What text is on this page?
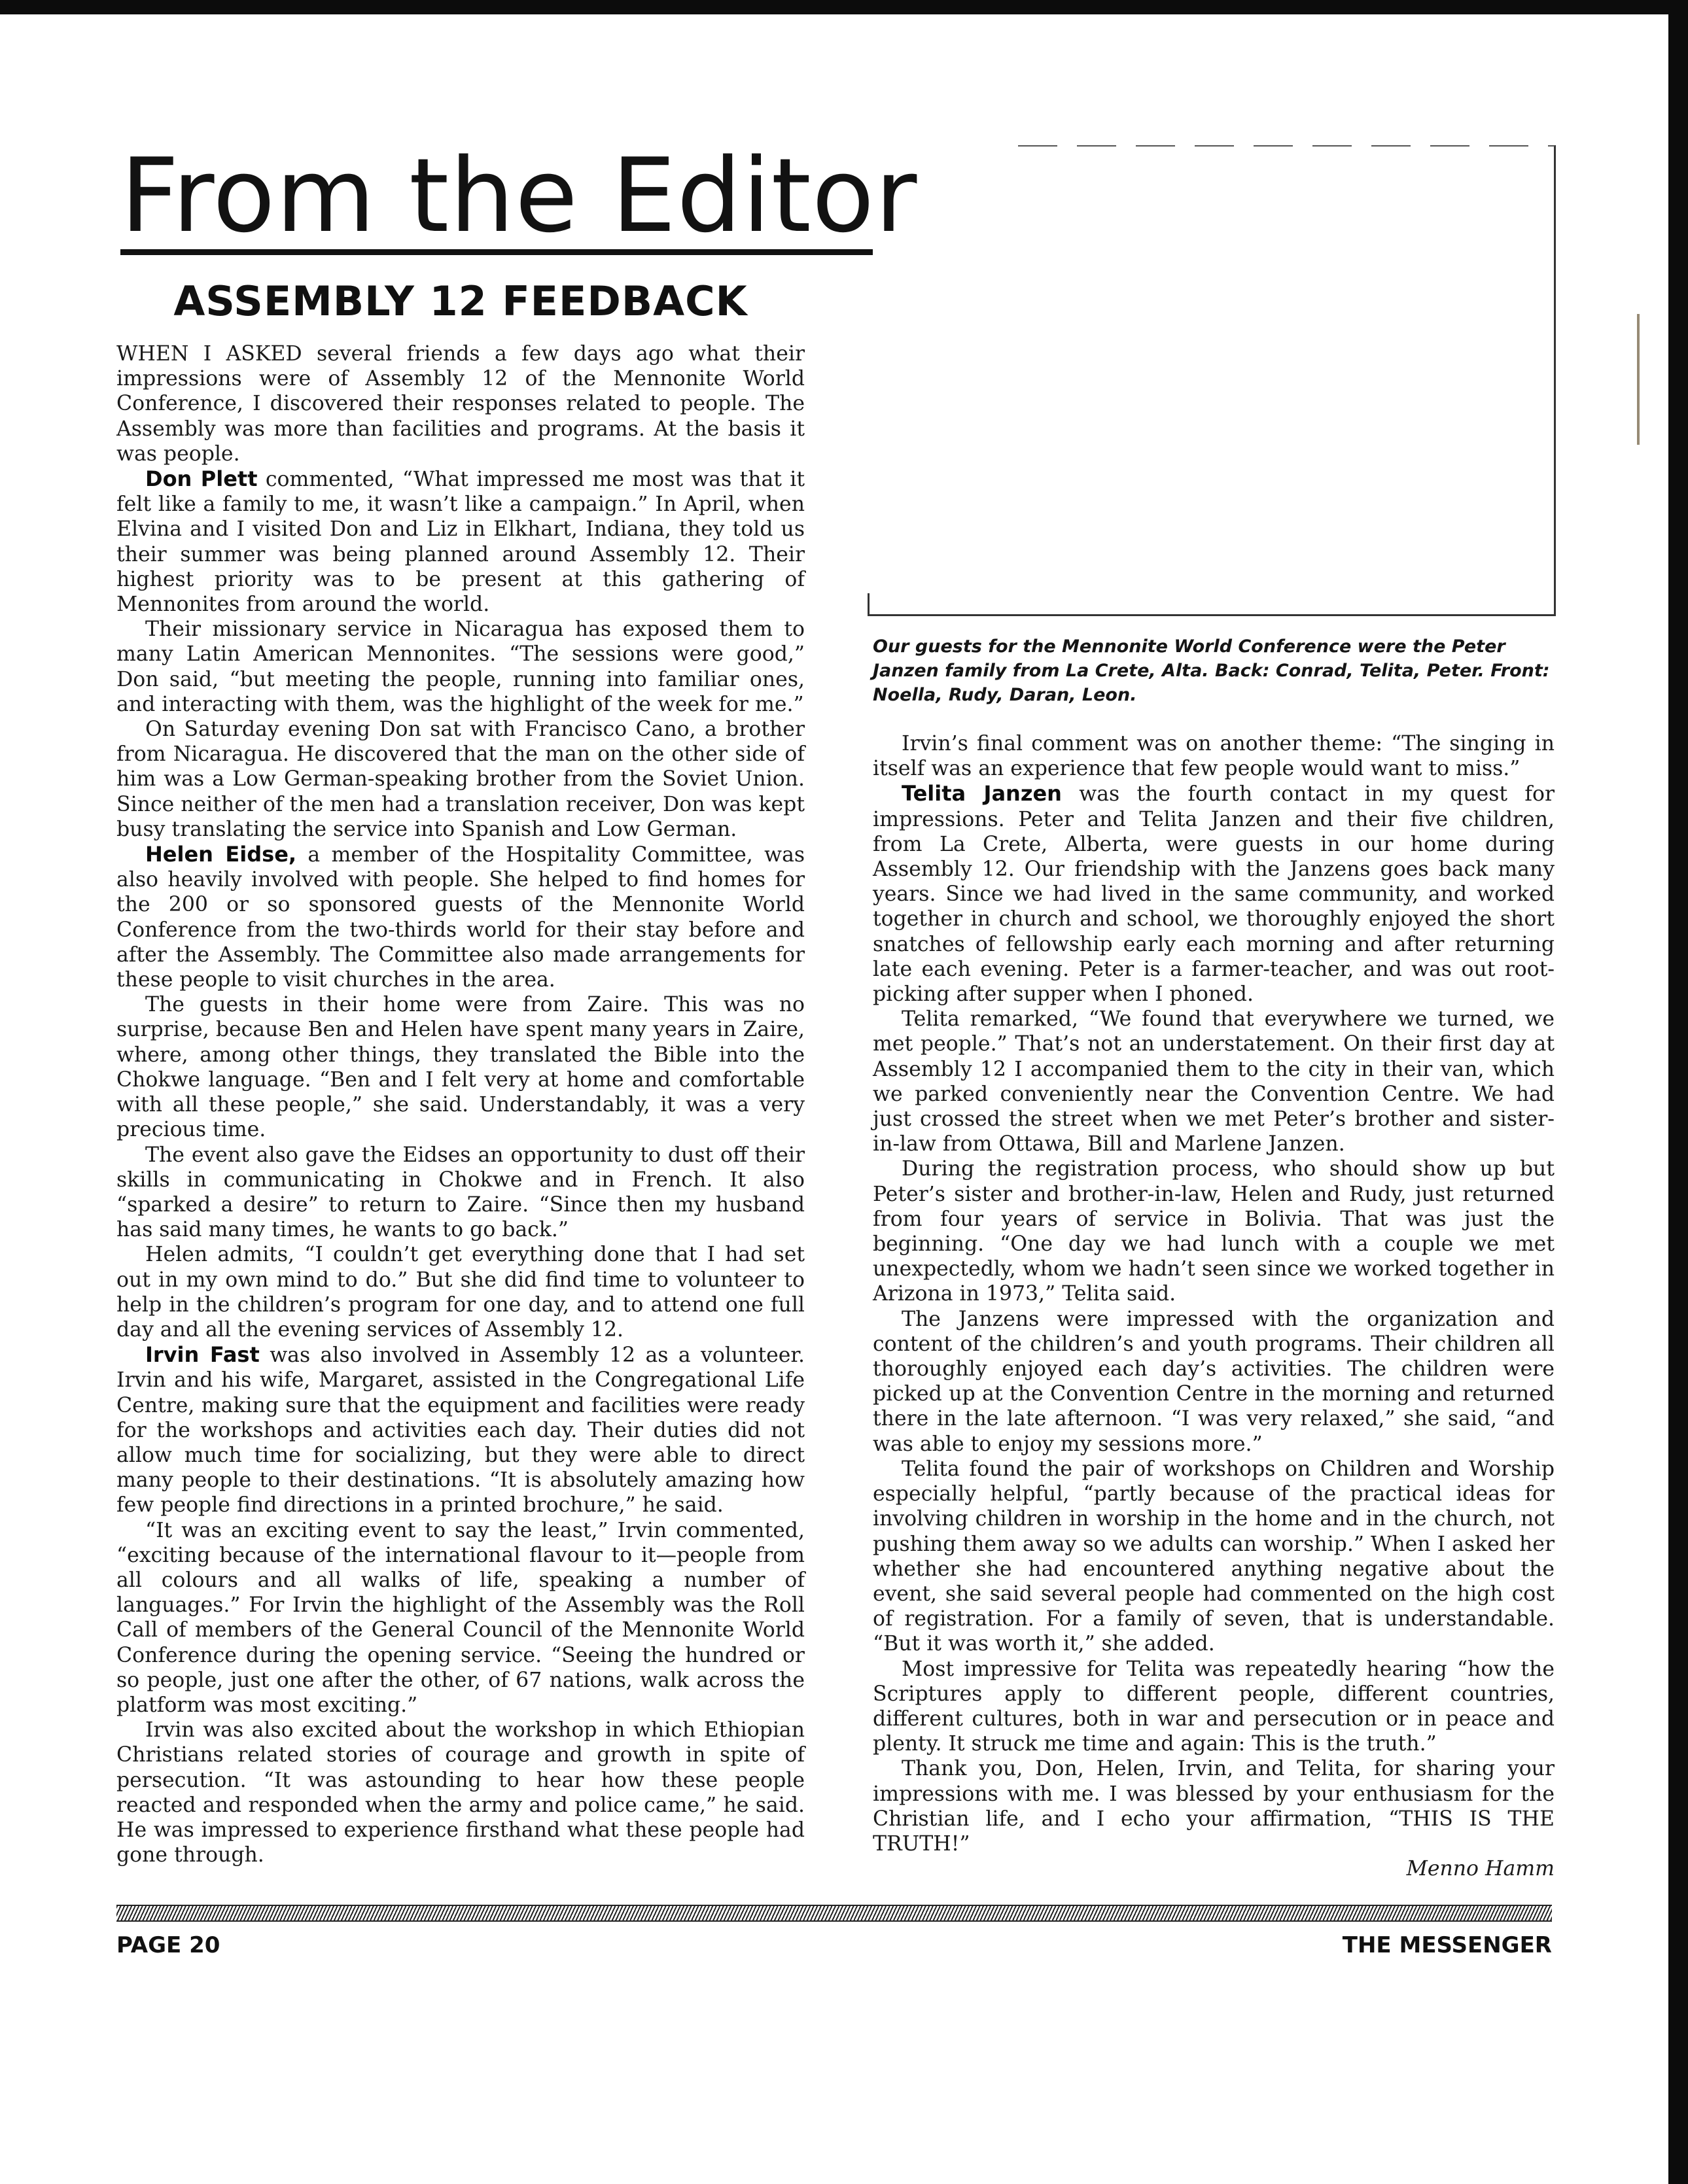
From the Editor
Our guests for the Mennonite World Conference were the Peter Janzen family from La Crete, Alta. Back: Conrad, Telita, Peter. Front: Noella, Rudy, Daran, Leon.
ASSEMBLY 12 FEEDBACK

WHEN I ASKED several friends a few days ago what their impressions were of Assembly 12 of the Mennonite World Conference, I discovered their responses related to people. The Assembly was more than facilities and programs. At the basis it was people.

Don Plett commented, “What impressed me most was that it felt like a family to me, it wasn’t like a campaign.” In April, when Elvina and I visited Don and Liz in Elkhart, Indiana, they told us their summer was being planned around Assembly 12. Their highest priority was to be present at this gathering of Mennonites from around the world.

Their missionary service in Nicaragua has exposed them to many Latin American Mennonites. “The sessions were good,” Don said, “but meeting the people, running into familiar ones, and interacting with them, was the highlight of the week for me.”

On Saturday evening Don sat with Francisco Cano, a brother from Nicaragua. He discovered that the man on the other side of him was a Low German-speaking brother from the Soviet Union. Since neither of the men had a translation receiver, Don was kept busy translating the service into Spanish and Low German.

Helen Eidse, a member of the Hospitality Committee, was also heavily involved with people. She helped to find homes for the 200 or so sponsored guests of the Mennonite World Conference from the two-thirds world for their stay before and after the Assembly. The Committee also made arrangements for these people to visit churches in the area.

The guests in their home were from Zaire. This was no surprise, because Ben and Helen have spent many years in Zaire, where, among other things, they translated the Bible into the Chokwe language. “Ben and I felt very at home and comfortable with all these people,” she said. Understandably, it was a very precious time.

The event also gave the Eidses an opportunity to dust off their skills in communicating in Chokwe and in French. It also “sparked a desire” to return to Zaire. “Since then my husband has said many times, he wants to go back.”

Helen admits, “I couldn’t get everything done that I had set out in my own mind to do.” But she did find time to volunteer to help in the children’s program for one day, and to attend one full day and all the evening services of Assembly 12.

Irvin Fast was also involved in Assembly 12 as a volunteer. Irvin and his wife, Margaret, assisted in the Congregational Life Centre, making sure that the equipment and facilities were ready for the workshops and activities each day. Their duties did not allow much time for socializing, but they were able to direct many people to their destinations. “It is absolutely amazing how few people find directions in a printed brochure,” he said.

“It was an exciting event to say the least,” Irvin commented, “exciting because of the international flavour to it—people from all colours and all walks of life, speaking a number of languages.” For Irvin the highlight of the Assembly was the Roll Call of members of the General Council of the Mennonite World Conference during the opening service. “Seeing the hundred or so people, just one after the other, of 67 nations, walk across the platform was most exciting.”

Irvin was also excited about the workshop in which Ethiopian Christians related stories of courage and growth in spite of persecution. “It was astounding to hear how these people reacted and responded when the army and police came,” he said. He was impressed to experience firsthand what these people had gone through.

Irvin’s final comment was on another theme: “The singing in itself was an experience that few people would want to miss.”

Telita Janzen was the fourth contact in my quest for impressions. Peter and Telita Janzen and their five children, from La Crete, Alberta, were guests in our home during Assembly 12. Our friendship with the Janzens goes back many years. Since we had lived in the same community, and worked together in church and school, we thoroughly enjoyed the short snatches of fellowship early each morning and after returning late each evening. Peter is a farmer-teacher, and was out root-picking after supper when I phoned.

Telita remarked, “We found that everywhere we turned, we met people.” That’s not an understatement. On their first day at Assembly 12 I accompanied them to the city in their van, which we parked conveniently near the Convention Centre. We had just crossed the street when we met Peter’s brother and sister-in-law from Ottawa, Bill and Marlene Janzen.

During the registration process, who should show up but Peter’s sister and brother-in-law, Helen and Rudy, just returned from four years of service in Bolivia. That was just the beginning. “One day we had lunch with a couple we met unexpectedly, whom we hadn’t seen since we worked together in Arizona in 1973,” Telita said.

The Janzens were impressed with the organization and content of the children’s and youth programs. Their children all thoroughly enjoyed each day’s activities. The children were picked up at the Convention Centre in the morning and returned there in the late afternoon. “I was very relaxed,” she said, “and was able to enjoy my sessions more.”

Telita found the pair of workshops on Children and Worship especially helpful, “partly because of the practical ideas for involving children in worship in the home and in the church, not pushing them away so we adults can worship.” When I asked her whether she had encountered anything negative about the event, she said several people had commented on the high cost of registration. For a family of seven, that is understandable. “But it was worth it,” she added.

Most impressive for Telita was repeatedly hearing “how the Scriptures apply to different people, different countries, different cultures, both in war and persecution or in peace and plenty. It struck me time and again: This is the truth.”

Thank you, Don, Helen, Irvin, and Telita, for sharing your impressions with me. I was blessed by your enthusiasm for the Christian life, and I echo your affirmation, “THIS IS THE TRUTH!”

Menno Hamm

PAGE 20	THE MESSENGER
